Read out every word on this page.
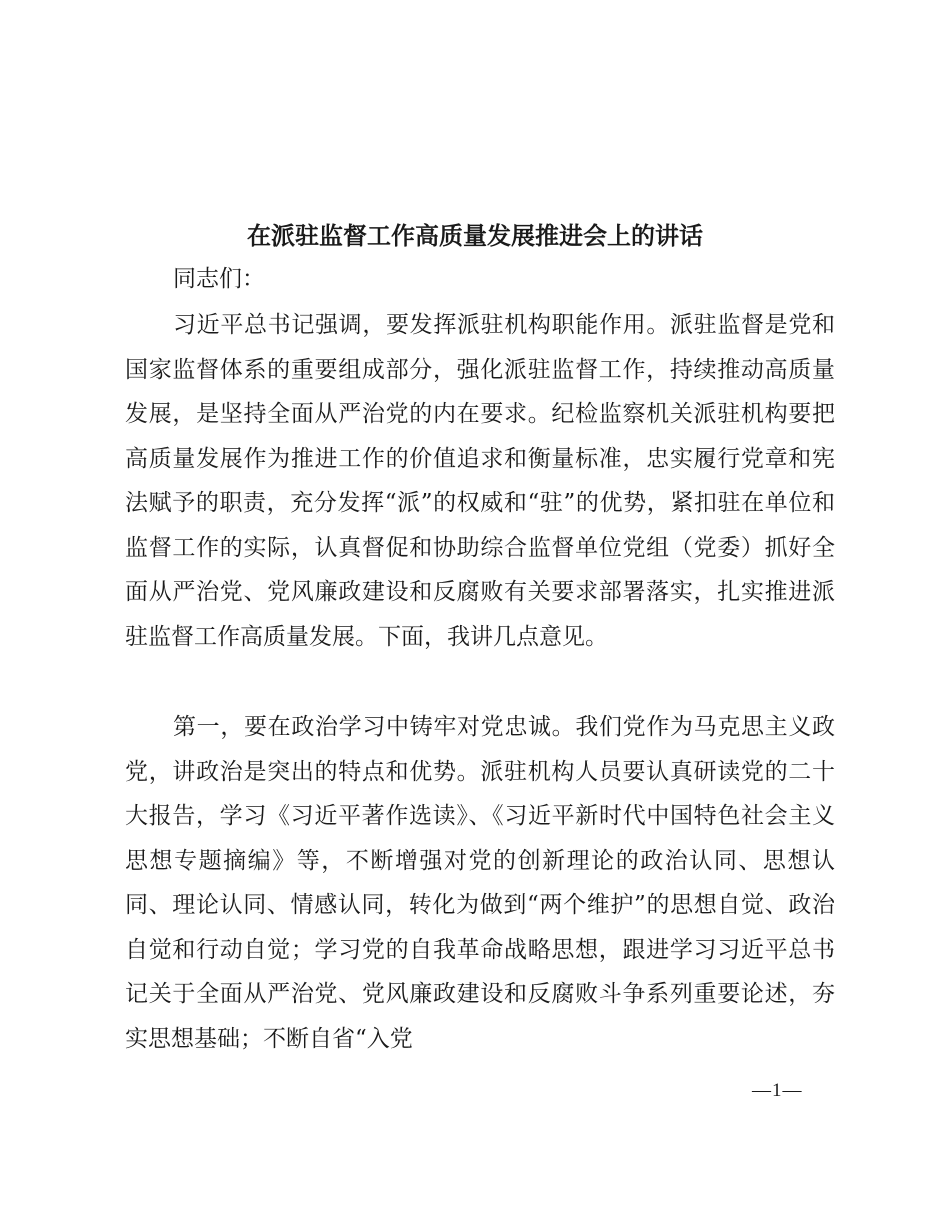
在派驻监督工作高质量发展推进会上的讲话
同志们：
习近平总书记强调，要发挥派驻机构职能作用。派驻监督是党和国家监督体系的重要组成部分，强化派驻监督工作，持续推动高质量发展，是坚持全面从严治党的内在要求。纪检监察机关派驻机构要把高质量发展作为推进工作的价值追求和衡量标准，忠实履行党章和宪法赋予的职责，充分发挥“派”的权威和“驻”的优势，紧扣驻在单位和监督工作的实际，认真督促和协助综合监督单位党组（党委）抓好全面从严治党、党风廉政建设和反腐败有关要求部署落实，扎实推进派驻监督工作高质量发展。下面，我讲几点意见。
第一，要在政治学习中铸牢对党忠诚。我们党作为马克思主义政党，讲政治是突出的特点和优势。派驻机构人员要认真研读党的二十大报告，学习《习近平著作选读》、《习近平新时代中国特色社会主义思想专题摘编》等，不断增强对党的创新理论的政治认同、思想认同、理论认同、情感认同，转化为做到“两个维护”的思想自觉、政治自觉和行动自觉；学习党的自我革命战略思想，跟进学习习近平总书记关于全面从严治党、党风廉政建设和反腐败斗争系列重要论述，夯实思想基础；不断自省“入党
—1—
